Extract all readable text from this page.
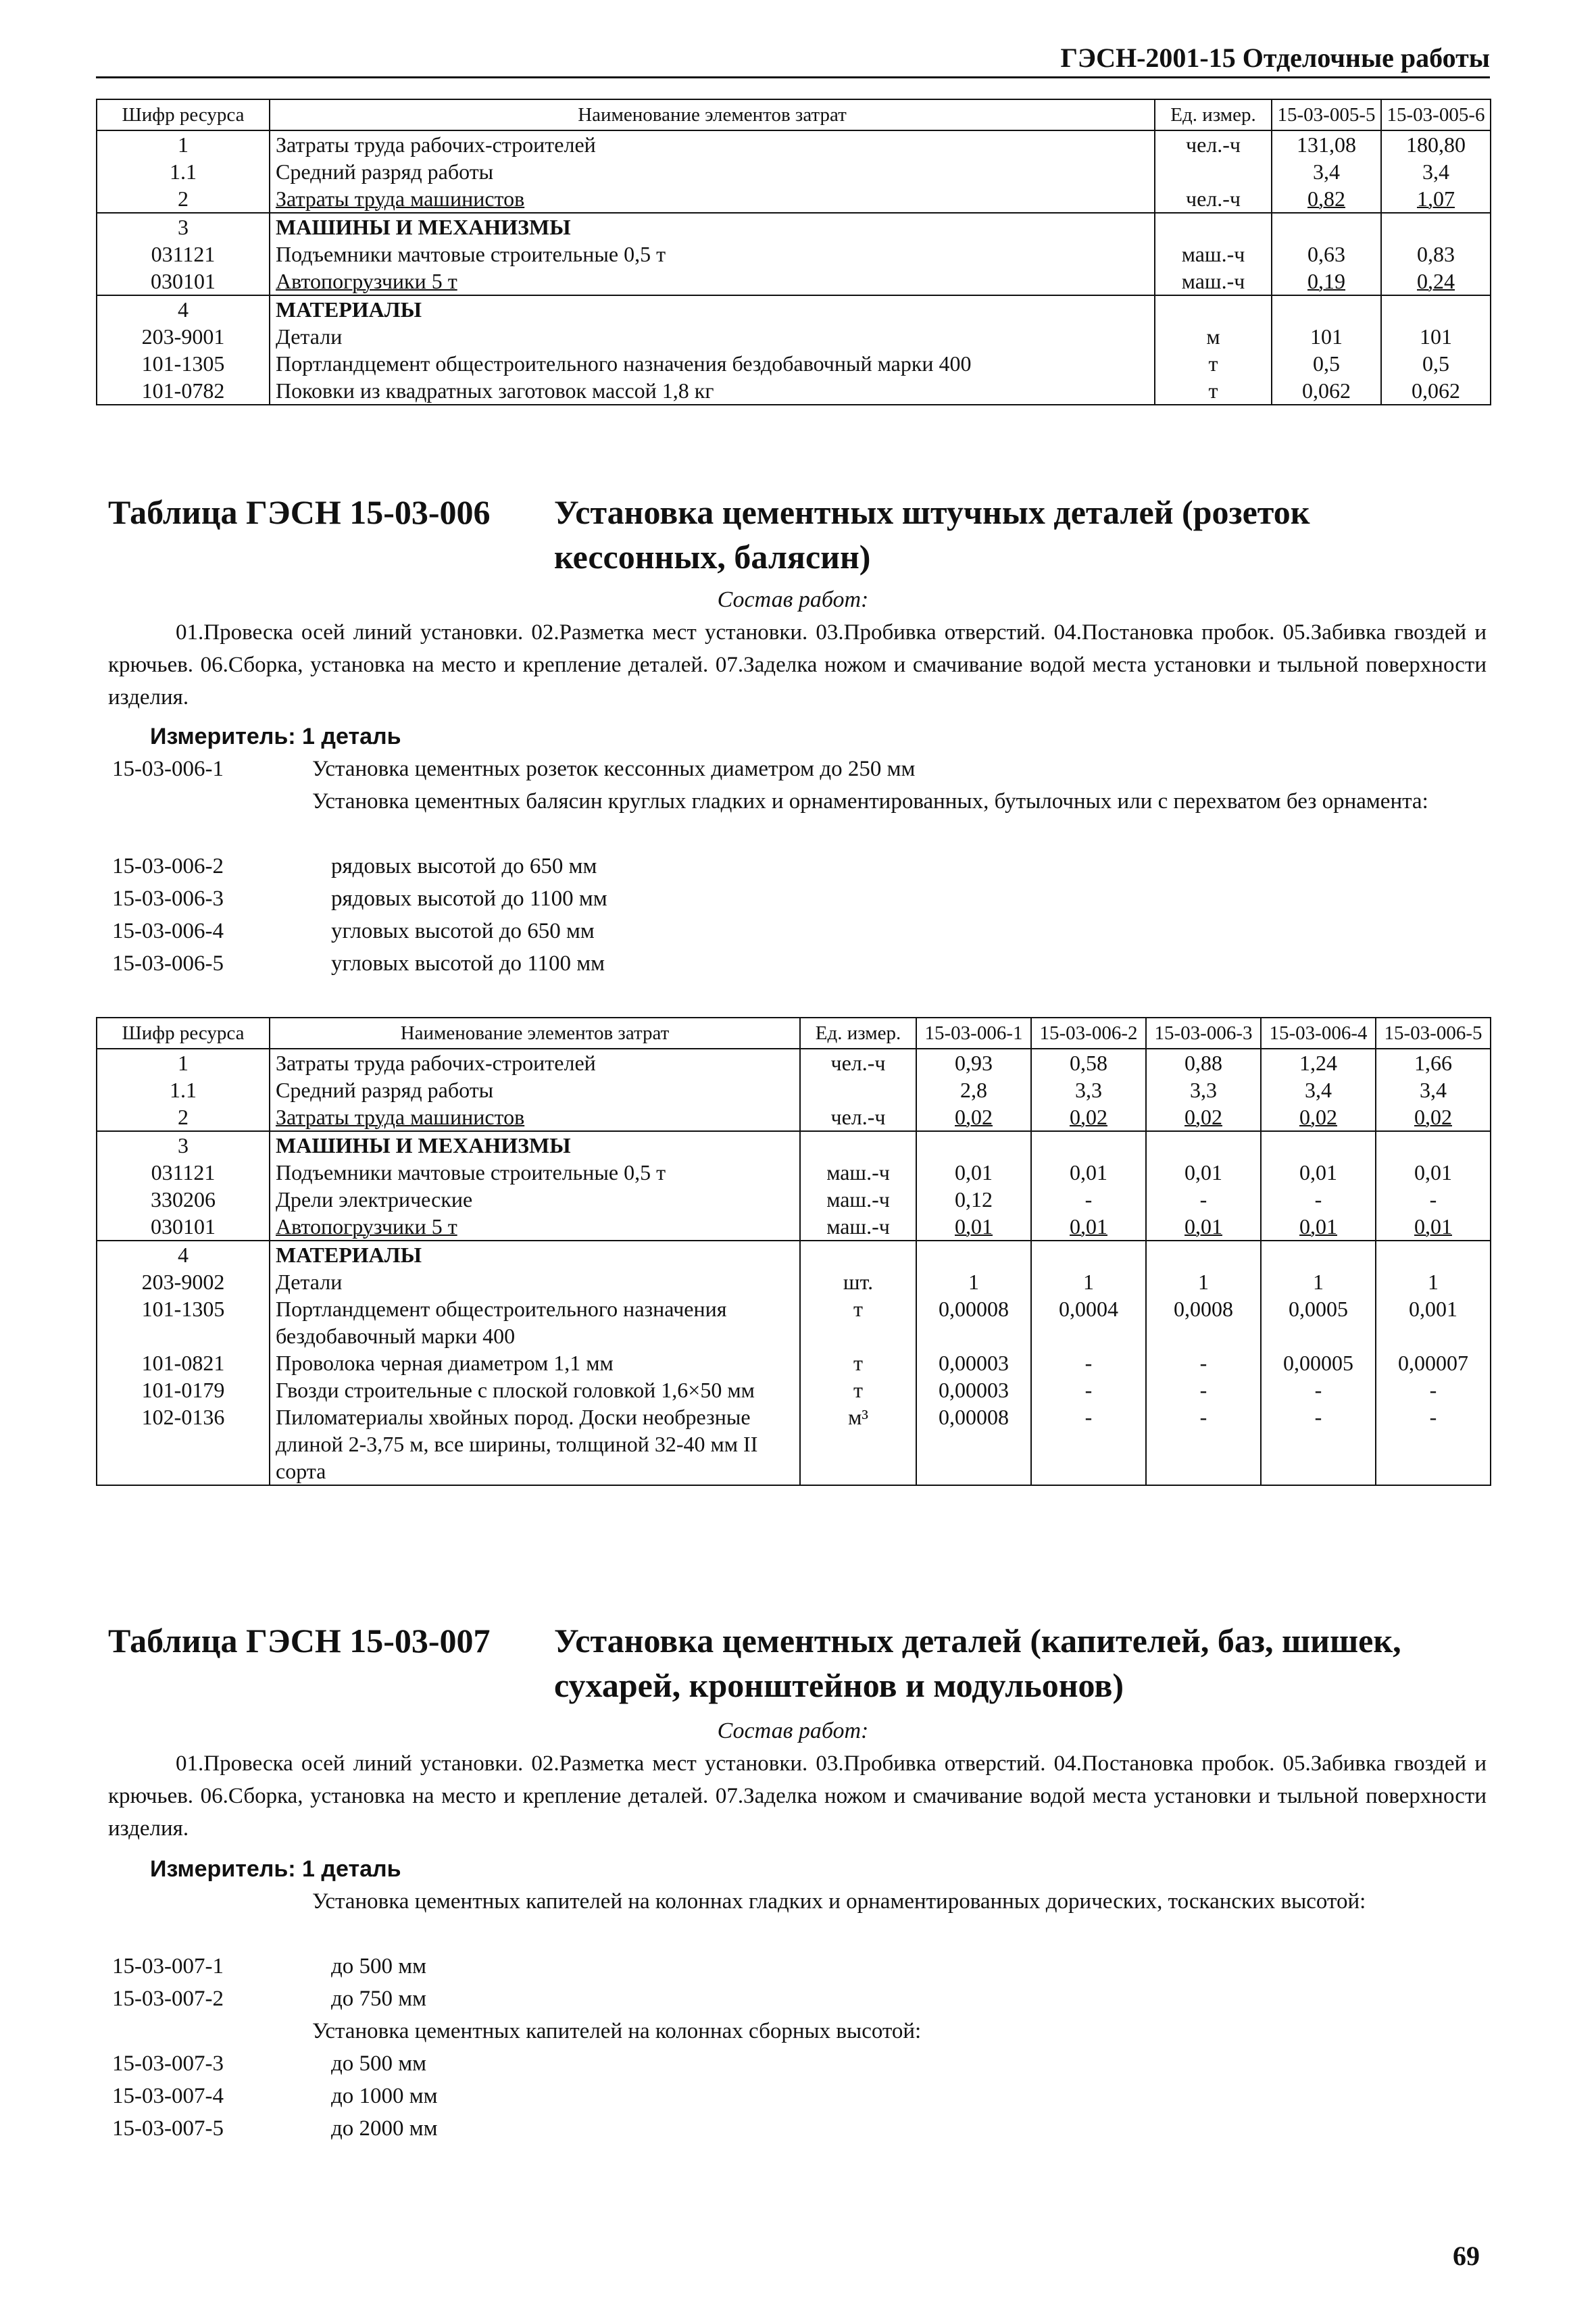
ГЭСН-2001-15 Отделочные работы
Шифр ресурса	Наименование элементов затрат	Ед. измер.	15-03-005-5	15-03-005-6
1	Затраты труда рабочих-строителей	чел.-ч	131,08	180,80
1.1	Средний разряд работы		3,4	3,4
2	Затраты труда машинистов	чел.-ч	0,82	1,07
3	МАШИНЫ И МЕХАНИЗМЫ			
031121	Подъемники мачтовые строительные 0,5 т	маш.-ч	0,63	0,83
030101	Автопогрузчики 5 т	маш.-ч	0,19	0,24
4	МАТЕРИАЛЫ			
203-9001	Детали	м	101	101
101-1305	Портландцемент общестроительного назначения бездобавочный марки 400	т	0,5	0,5
101-0782	Поковки из квадратных заготовок массой 1,8 кг	т	0,062	0,062
Таблица ГЭСН 15-03-006 Установка цементных штучных деталей (розеток
кессонных, балясин)
Состав работ:
01.Провеска осей линий установки. 02.Разметка мест установки. 03.Пробивка отверстий. 04.Постановка пробок. 05.Забивка гвоздей и крючьев. 06.Сборка, установка на место и крепление деталей. 07.Заделка ножом и смачивание водой места установки и тыльной поверхности изделия.
Измеритель: 1 деталь
15-03-006-1	Установка цементных розеток кессонных диаметром до 250 мм
Установка цементных балясин круглых гладких и орнаментированных, бутылочных или с перехватом без орнамента:
15-03-006-2	рядовых высотой до 650 мм
15-03-006-3	рядовых высотой до 1100 мм
15-03-006-4	угловых высотой до 650 мм
15-03-006-5	угловых высотой до 1100 мм
Шифр ресурса	Наименование элементов затрат	Ед. измер.	15-03-006-1	15-03-006-2	15-03-006-3	15-03-006-4	15-03-006-5
1	Затраты труда рабочих-строителей	чел.-ч	0,93	0,58	0,88	1,24	1,66
1.1	Средний разряд работы		2,8	3,3	3,3	3,4	3,4
2	Затраты труда машинистов	чел.-ч	0,02	0,02	0,02	0,02	0,02
3	МАШИНЫ И МЕХАНИЗМЫ						
031121	Подъемники мачтовые строительные 0,5 т	маш.-ч	0,01	0,01	0,01	0,01	0,01
330206	Дрели электрические	маш.-ч	0,12	-	-	-	-
030101	Автопогрузчики 5 т	маш.-ч	0,01	0,01	0,01	0,01	0,01
4	МАТЕРИАЛЫ						
203-9002	Детали	шт.	1	1	1	1	1
101-1305	Портландцемент общестроительного назначения бездобавочный марки 400	т	0,00008	0,0004	0,0008	0,0005	0,001
101-0821	Проволока черная диаметром 1,1 мм	т	0,00003	-	-	0,00005	0,00007
101-0179	Гвозди строительные с плоской головкой 1,6×50 мм	т	0,00003	-	-	-	-
102-0136	Пиломатериалы хвойных пород. Доски необрезные длиной 2-3,75 м, все ширины, толщиной 32-40 мм II сорта	м³	0,00008	-	-	-	-
Таблица ГЭСН 15-03-007 Установка цементных деталей (капителей, баз, шишек,
сухарей, кронштейнов и модульонов)
Состав работ:
01.Провеска осей линий установки. 02.Разметка мест установки. 03.Пробивка отверстий. 04.Постановка пробок. 05.Забивка гвоздей и крючьев. 06.Сборка, установка на место и крепление деталей. 07.Заделка ножом и смачивание водой места установки и тыльной поверхности изделия.
Измеритель: 1 деталь
Установка цементных капителей на колоннах гладких и орнаментированных дорических, тосканских высотой:
15-03-007-1	до 500 мм
15-03-007-2	до 750 мм
Установка цементных капителей на колоннах сборных высотой:
15-03-007-3	до 500 мм
15-03-007-4	до 1000 мм
15-03-007-5	до 2000 мм
69
